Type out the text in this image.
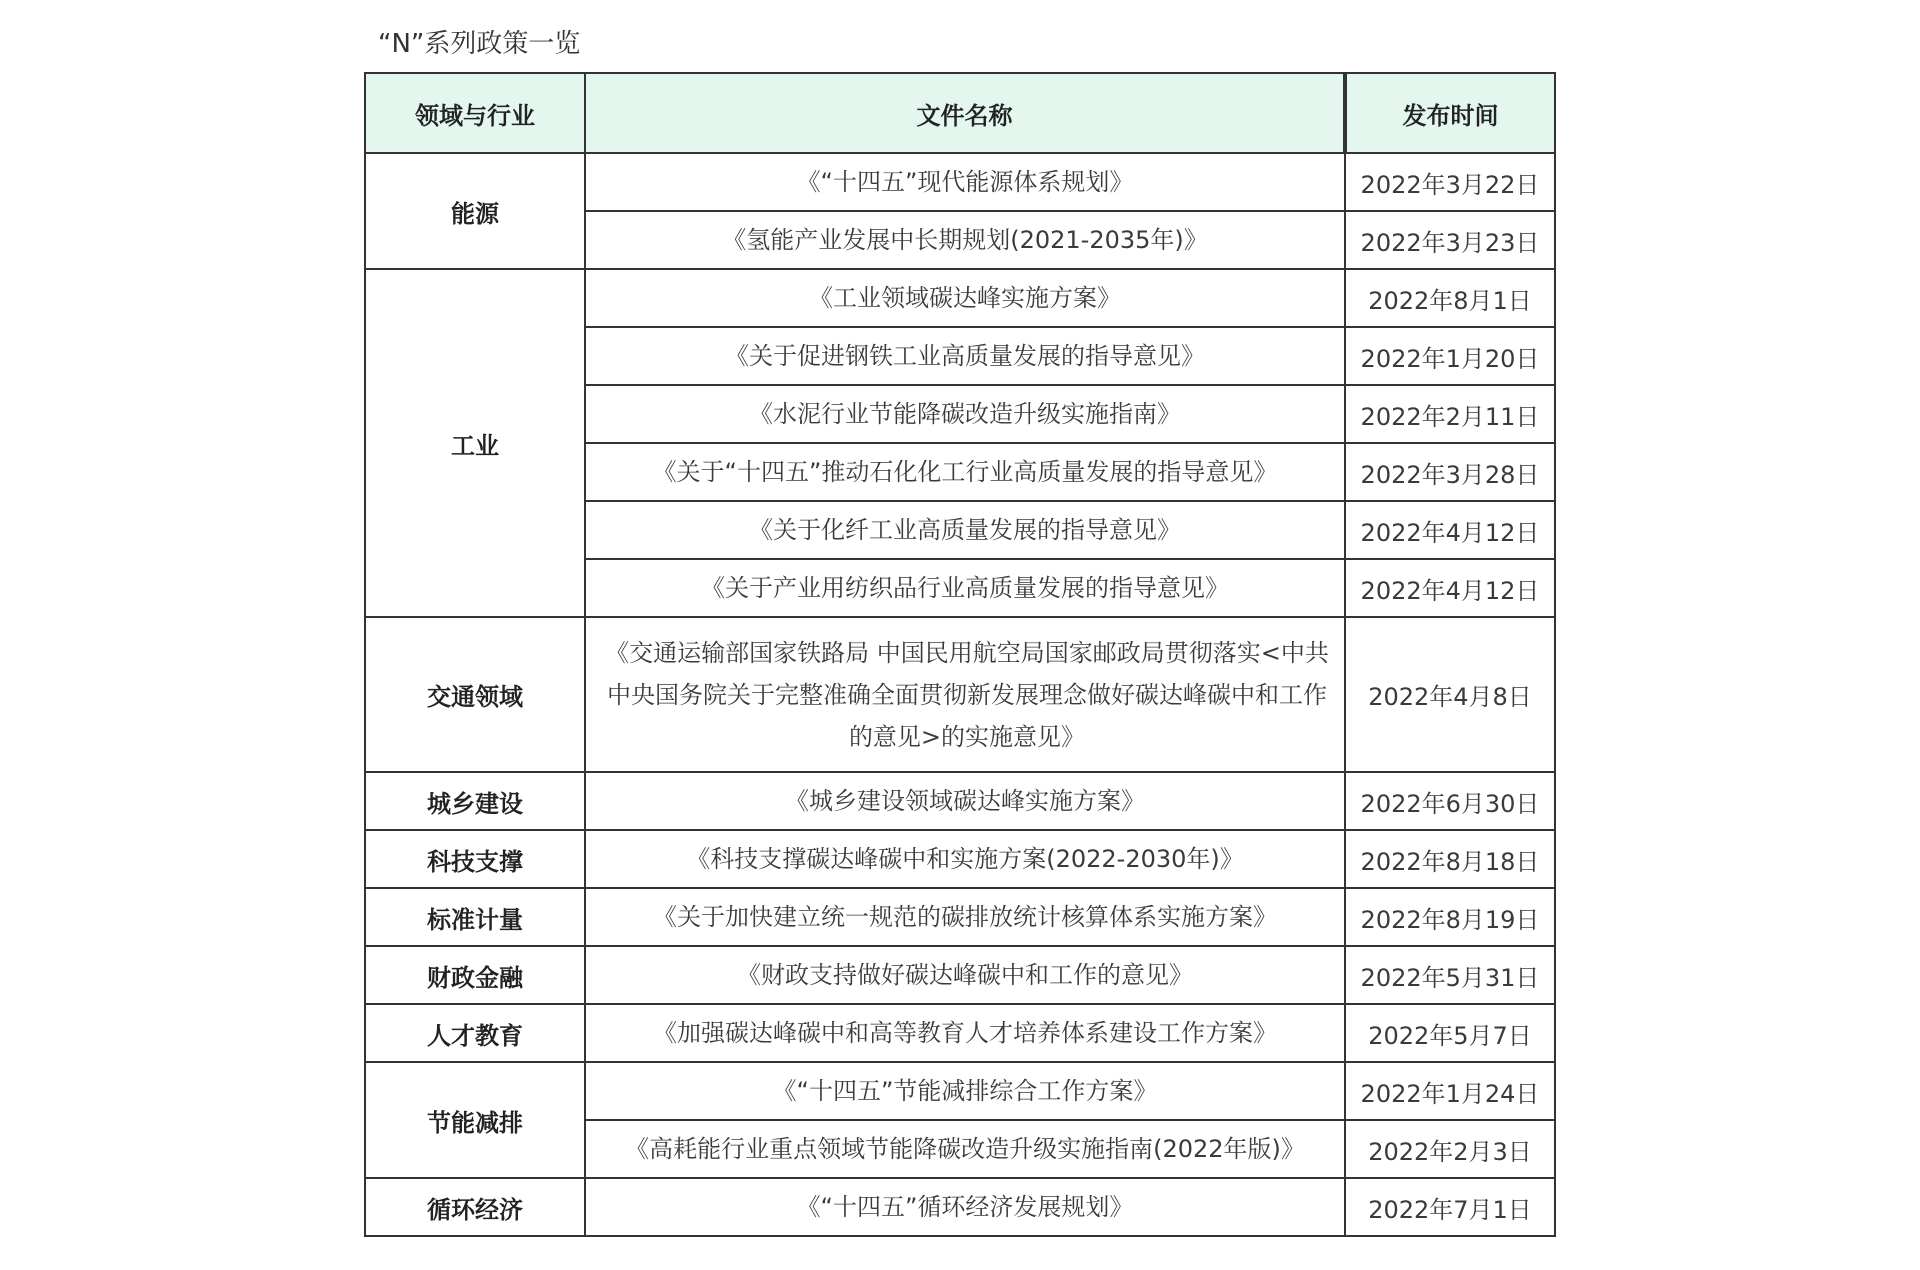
“N”系列政策一览
领域与行业	文件名称	发布时间
能源	《“十四五”现代能源体系规划》	2022年3月22日
	《氢能产业发展中长期规划(2021-2035年)》	2022年3月23日
工业	《工业领域碳达峰实施方案》	2022年8月1日
	《关于促进钢铁工业高质量发展的指导意见》	2022年1月20日
	《水泥行业节能降碳改造升级实施指南》	2022年2月11日
	《关于“十四五”推动石化化工行业高质量发展的指导意见》	2022年3月28日
	《关于化纤工业高质量发展的指导意见》	2022年4月12日
	《关于产业用纺织品行业高质量发展的指导意见》	2022年4月12日
交通领域	《交通运输部国家铁路局 中国民用航空局国家邮政局贯彻落实<中共中央国务院关于完整准确全面贯彻新发展理念做好碳达峰碳中和工作的意见>的实施意见》	2022年4月8日
城乡建设	《城乡建设领域碳达峰实施方案》	2022年6月30日
科技支撑	《科技支撑碳达峰碳中和实施方案(2022-2030年)》	2022年8月18日
标准计量	《关于加快建立统一规范的碳排放统计核算体系实施方案》	2022年8月19日
财政金融	《财政支持做好碳达峰碳中和工作的意见》	2022年5月31日
人才教育	《加强碳达峰碳中和高等教育人才培养体系建设工作方案》	2022年5月7日
节能减排	《“十四五”节能减排综合工作方案》	2022年1月24日
	《高耗能行业重点领域节能降碳改造升级实施指南(2022年版)》	2022年2月3日
循环经济	《“十四五”循环经济发展规划》	2022年7月1日
